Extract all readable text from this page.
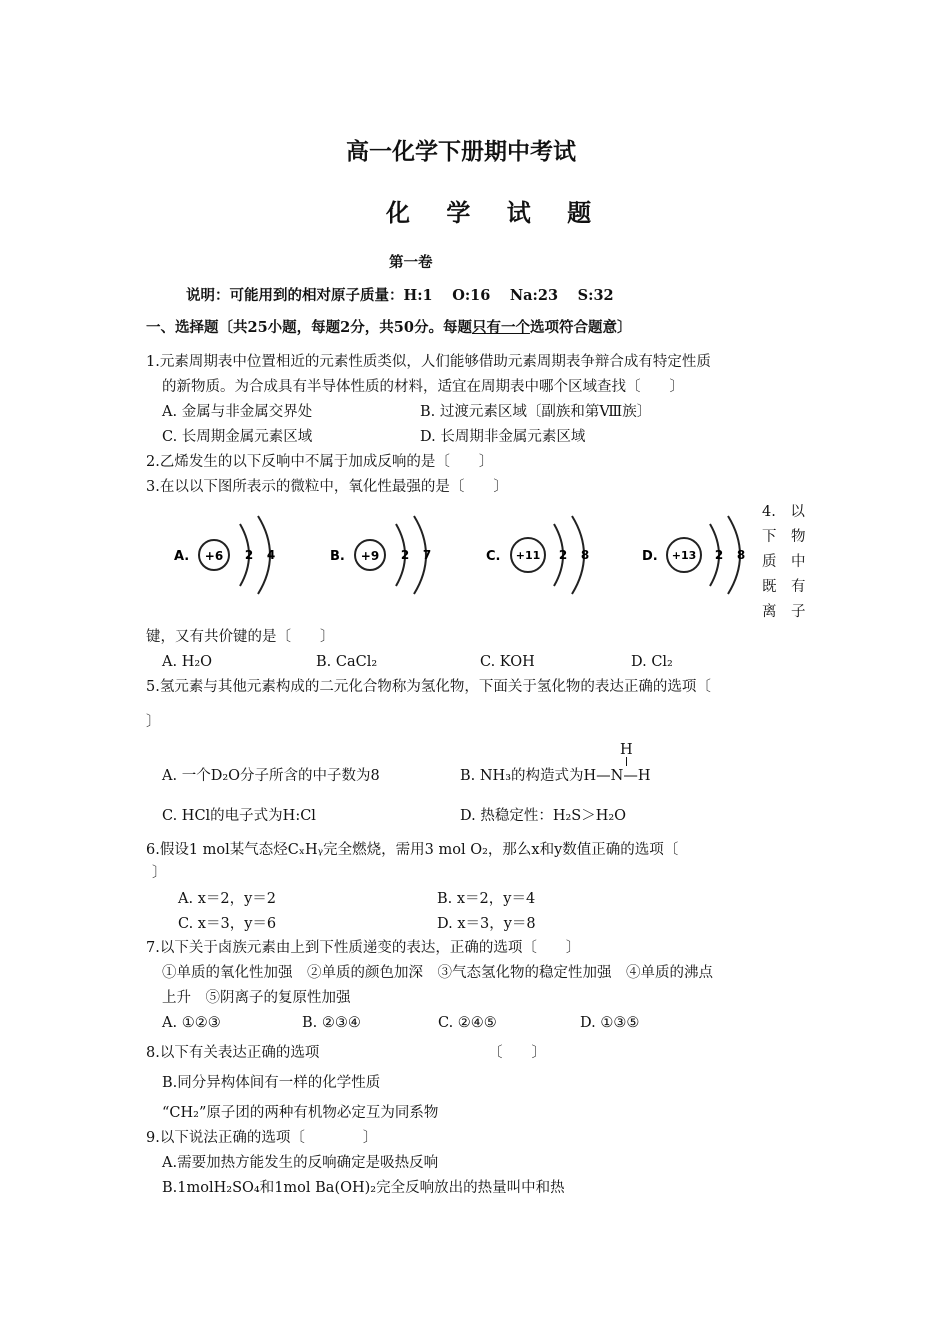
高一化学下册期中考试
化 学 试 题
第一卷
说明：可能用到的相对原子质量：H:1　 O:16　 Na:23　 S:32
一、选择题〔共25小题，每题2分，共50分。每题只有一个选项符合题意〕
1.元素周期表中位置相近的元素性质类似，人们能够借助元素周期表争辩合成有特定性质
的新物质。为合成具有半导体性质的材料，适宜在周期表中哪个区域查找〔　　〕
A. 金属与非金属交界处	B. 过渡元素区域〔副族和第Ⅷ族〕
C. 长周期金属元素区域	D. 长周期非金属元素区域
2.乙烯发生的以下反响中不属于加成反响的是〔　　〕
3.在以以下图所表示的微粒中，氧化性最强的是〔　　〕
A. +6 2 4	B. +9 2 7	C. +11 2 8	D. +13 2 8
4.　以
下　物
质　中
既　有
离　子
键，又有共价键的是〔　　〕
A. H₂O	B. CaCl₂	C. KOH	D. Cl₂
5.氢元素与其他元素构成的二元化合物称为氢化物，下面关于氢化物的表达正确的选项〔
〕
H
A. 一个D₂O分子所含的中子数为8	B. NH₃的构造式为H—N—H
C. HCl的电子式为H:Cl	D. 热稳定性：H₂S＞H₂O
6.假设1 mol某气态烃CₓHᵧ完全燃烧，需用3 mol O₂，那么x和y数值正确的选项〔
〕
A. x＝2，y＝2	B. x＝2，y＝4
C. x＝3，y＝6	D. x＝3，y＝8
7.以下关于卤族元素由上到下性质递变的表达，正确的选项〔　　〕
①单质的氧化性加强　②单质的颜色加深　③气态氢化物的稳定性加强　④单质的沸点
上升　⑤阴离子的复原性加强
A. ①②③	B. ②③④	C. ②④⑤	D. ①③⑤
8.以下有关表达正确的选项	〔　　〕
B.同分异构体间有一样的化学性质
“CH₂”原子团的两种有机物必定互为同系物
9.以下说法正确的选项〔　　　　〕
A.需要加热方能发生的反响确定是吸热反响
B.1molH₂SO₄和1mol Ba(OH)₂完全反响放出的热量叫中和热
